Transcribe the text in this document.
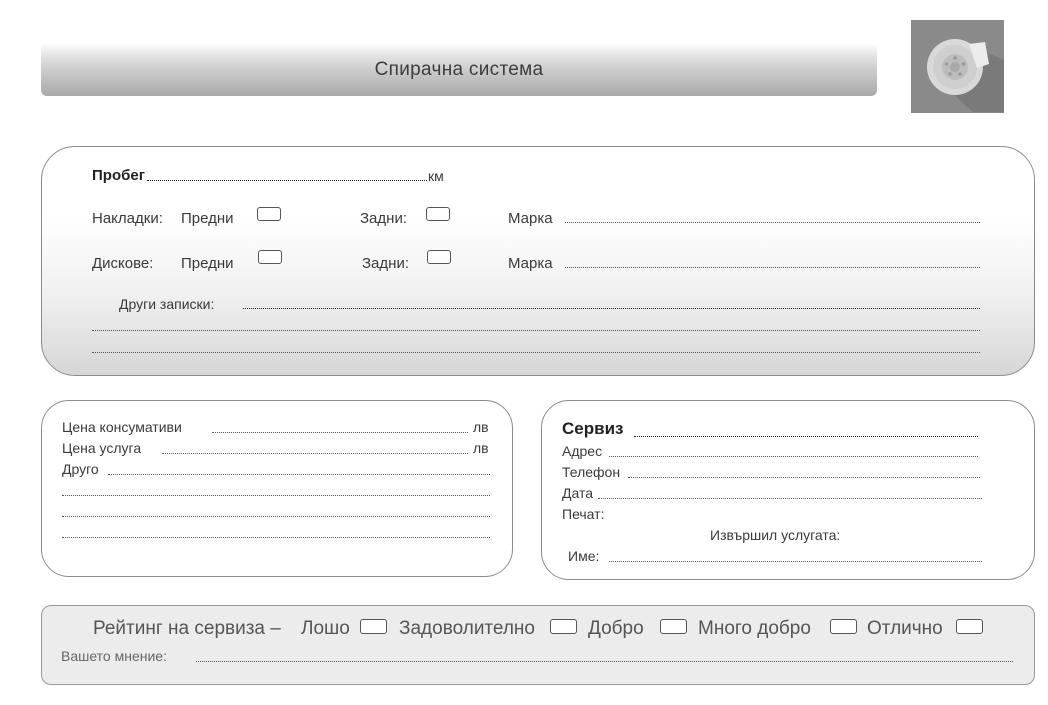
Спирачна система
Пробег	км
Накладки: Предни	Задни:	Марка
Дискове: Предни	Задни:	Марка
Други записки:
Цена консумативи	лв
Цена услуга	лв
Друго
Сервиз
Адрес
Телефон
Дата
Печат:
Извършил услугата:
Име:
Рейтинг на сервиза – Лошо	Задоволително	Добро	Много добро	Отлично
Вашето мнение:
